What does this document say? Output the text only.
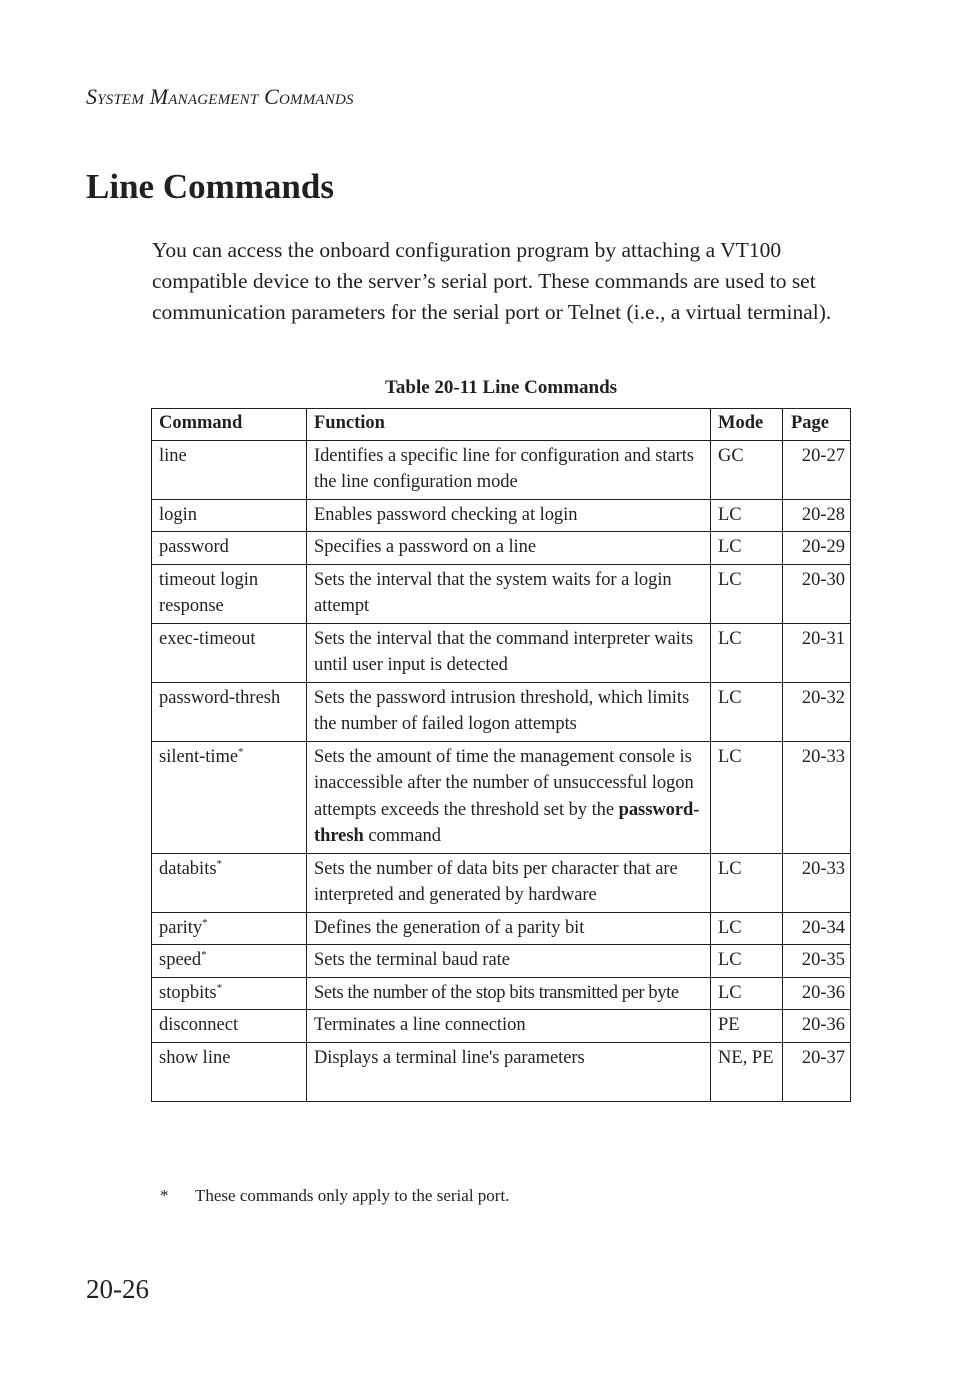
System Management Commands
Line Commands

You can access the onboard configuration program by attaching a VT100 compatible device to the server’s serial port. These commands are used to set communication parameters for the serial port or Telnet (i.e., a virtual terminal).

Table 20-11 Line Commands
Command	Function	Mode	Page
line	Identifies a specific line for configuration and starts the line configuration mode	GC	20-27
login	Enables password checking at login	LC	20-28
password	Specifies a password on a line	LC	20-29
timeout login response	Sets the interval that the system waits for a login attempt	LC	20-30
exec-timeout	Sets the interval that the command interpreter waits until user input is detected	LC	20-31
password-thresh	Sets the password intrusion threshold, which limits the number of failed logon attempts	LC	20-32
silent-time*	Sets the amount of time the management console is inaccessible after the number of unsuccessful logon attempts exceeds the threshold set by the password-thresh command	LC	20-33
databits*	Sets the number of data bits per character that are interpreted and generated by hardware	LC	20-33
parity*	Defines the generation of a parity bit	LC	20-34
speed*	Sets the terminal baud rate	LC	20-35
stopbits*	Sets the number of the stop bits transmitted per byte	LC	20-36
disconnect	Terminates a line connection	PE	20-36
show line	Displays a terminal line's parameters	NE, PE	20-37
* These commands only apply to the serial port.
20-26
